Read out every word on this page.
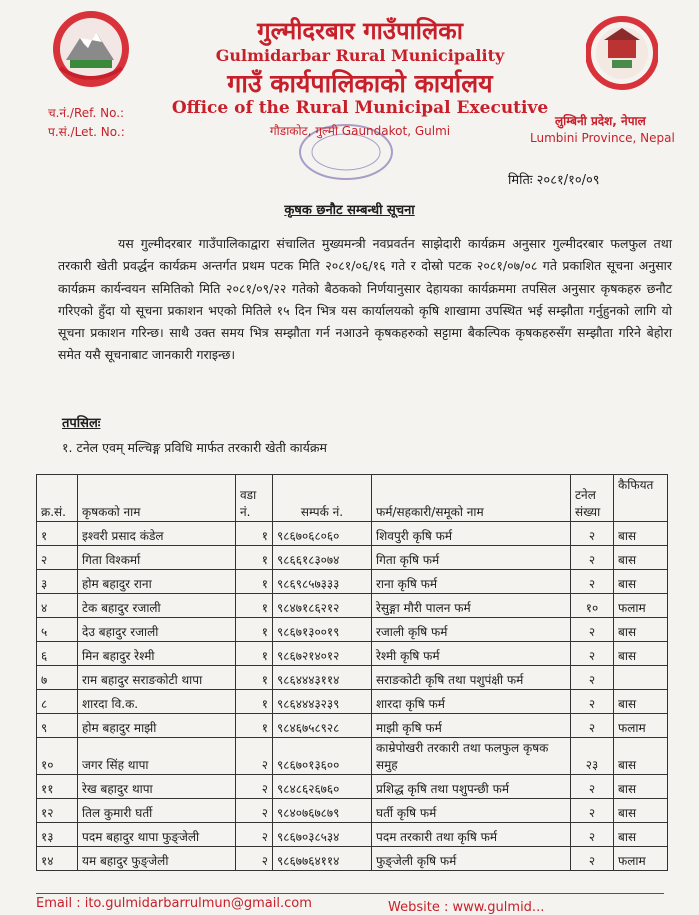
गुल्मीदरबार गाउँपालिका
Gulmidarbar Rural Municipality
गाउँ कार्यपालिकाको कार्यालय
Office of the Rural Municipal Executive
गौडाकोट, गुल्मी Gaundakot, Gulmi
च.नं./Ref. No.:
प.सं./Let. No.:
लुम्बिनी प्रदेश, नेपाल
Lumbini Province, Nepal
मितिः २०८१/१०/०९
कृषक छनौट सम्बन्धी सूचना

यस गुल्मीदरबार गाउँपालिकाद्वारा संचालित मुख्यमन्त्री नवप्रवर्तन साझेदारी कार्यक्रम अनुसार गुल्मीदरबार फलफुल तथा तरकारी खेती प्रवर्द्धन कार्यक्रम अन्तर्गत प्रथम पटक मिति २०८१/०६/१६ गते र दोस्रो पटक २०८१/०७/०८ गते प्रकाशित सूचना अनुसार कार्यक्रम कार्यन्वयन समितिको मिति २०८१/०९/२२ गतेको बैठकको निर्णयानुसार देहायका कार्यक्रममा तपसिल अनुसार कृषकहरु छनौट गरिएको हुँदा यो सूचना प्रकाशन भएको मितिले १५ दिन भित्र यस कार्यालयको कृषि शाखामा उपस्थित भई सम्झौता गर्नुहुनको लागि यो सूचना प्रकाशन गरिन्छ। साथै उक्त समय भित्र सम्झौता गर्न नआउने कृषकहरुको सट्टामा बैकल्पिक कृषकहरुसँग सम्झौता गरिने बेहोरा समेत यसै सूचनाबाट जानकारी गराइन्छ।

तपसिलः
१. टनेल एवम् मल्चिङ्ग प्रविधि मार्फत तरकारी खेती कार्यक्रम
क्र.सं.	कृषकको नाम	वडा नं.	सम्पर्क नं.	फर्म/सहकारी/समूको नाम	टनेल संख्या	कैफियत
१	इश्वरी प्रसाद कंडेल	१	९८६७०६८०६०	शिवपुरी कृषि फर्म	२	बास
२	गिता विश्कर्मा	१	९८६६१८३०७४	गिता कृषि फर्म	२	बास
३	होम बहादुर राना	१	९८६९८५७३३३	राना कृषि फर्म	२	बास
४	टेक बहादुर रजाली	१	९८४७१८६२१२	रेसुङ्गा मौरी पालन फर्म	१०	फलाम
५	देउ बहादुर रजाली	१	९८६७१३००१९	रजाली कृषि फर्म	२	बास
६	मिन बहादुर रेश्मी	१	९८६७२१४०१२	रेश्मी कृषि फर्म	२	बास
७	राम बहादुर सराङकोटी थापा	१	९८६४४४३११४	सराङकोटी कृषि तथा पशुपंक्षी फर्म	२	
८	शारदा वि.क.	१	९८६४४४३२३९	शारदा कृषि फर्म	२	बास
९	होम बहादुर माझी	१	९८४६७५८९२८	माझी कृषि फर्म	२	फलाम
१०	जगर सिंह थापा	२	९८६७०१३६००	काम्रेपोखरी तरकारी तथा फलफुल कृषक समुह	२३	बास
११	रेख बहादुर थापा	२	९८४८६२६७६०	प्रशिद्ध कृषि तथा पशुपन्छी फर्म	२	बास
१२	तिल कुमारी घर्ती	२	९८४०७६७८७९	घर्ती कृषि फर्म	२	बास
१३	पदम बहादुर थापा फुङ्जेली	२	९८६७०३८५३४	पदम तरकारी तथा कृषि फर्म	२	बास
१४	यम बहादुर फुङ्जेली	२	९८६७७६४११४	फुङ्जेली कृषि फर्म	२	फलाम
Email : ito.gulmidarbarrulmun@gmail.com	Website : www.gulmid...
